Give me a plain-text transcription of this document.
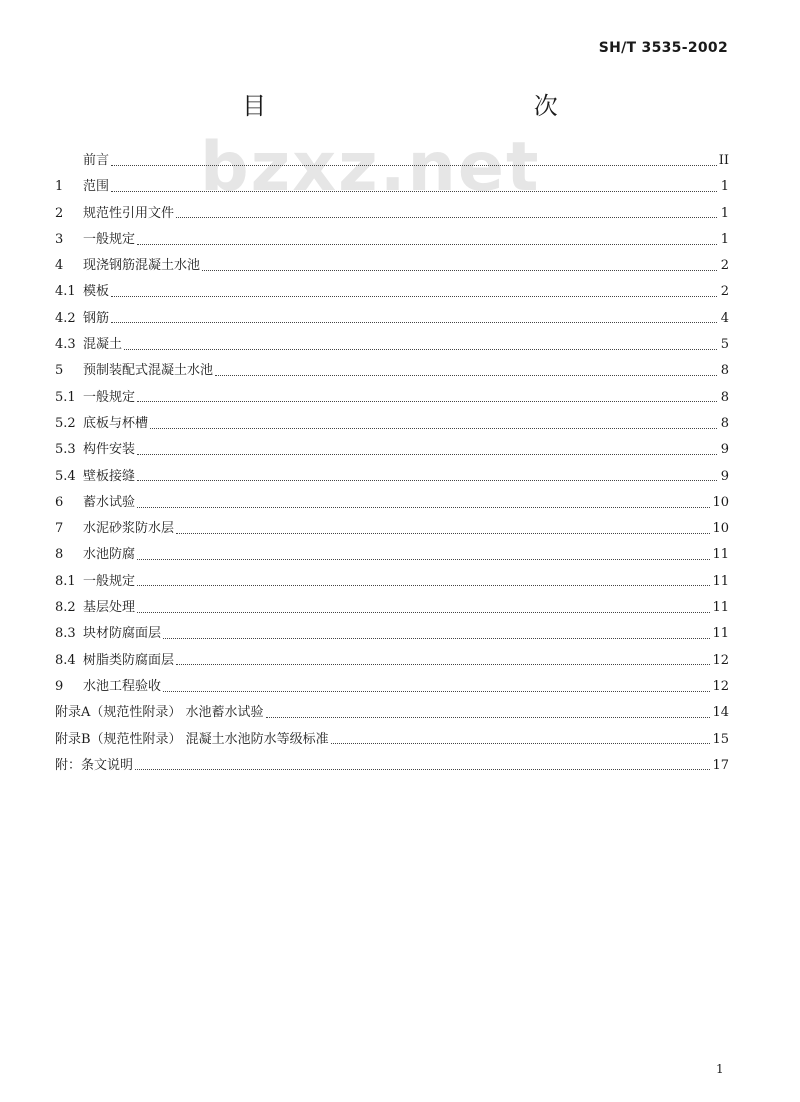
SH/T 3535-2002
目 次
bzxz.net
前言	II
1	范围	1
2	规范性引用文件	1
3	一般规定	1
4	现浇钢筋混凝土水池	2
4.1 模板	2
4.2 钢筋	4
4.3 混凝土	5
5	预制装配式混凝土水池	8
5.1 一般规定	8
5.2 底板与杯槽	8
5.3 构件安装	9
5.4 壁板接缝	9
6	蓄水试验	10
7	水泥砂浆防水层	10
8	水池防腐	11
8.1 一般规定	11
8.2 基层处理	11
8.3 块材防腐面层	11
8.4 树脂类防腐面层	12
9	水池工程验收	12
附录A（规范性附录） 水池蓄水试验	14
附录B（规范性附录） 混凝土水池防水等级标准	15
附：条文说明	17
1
